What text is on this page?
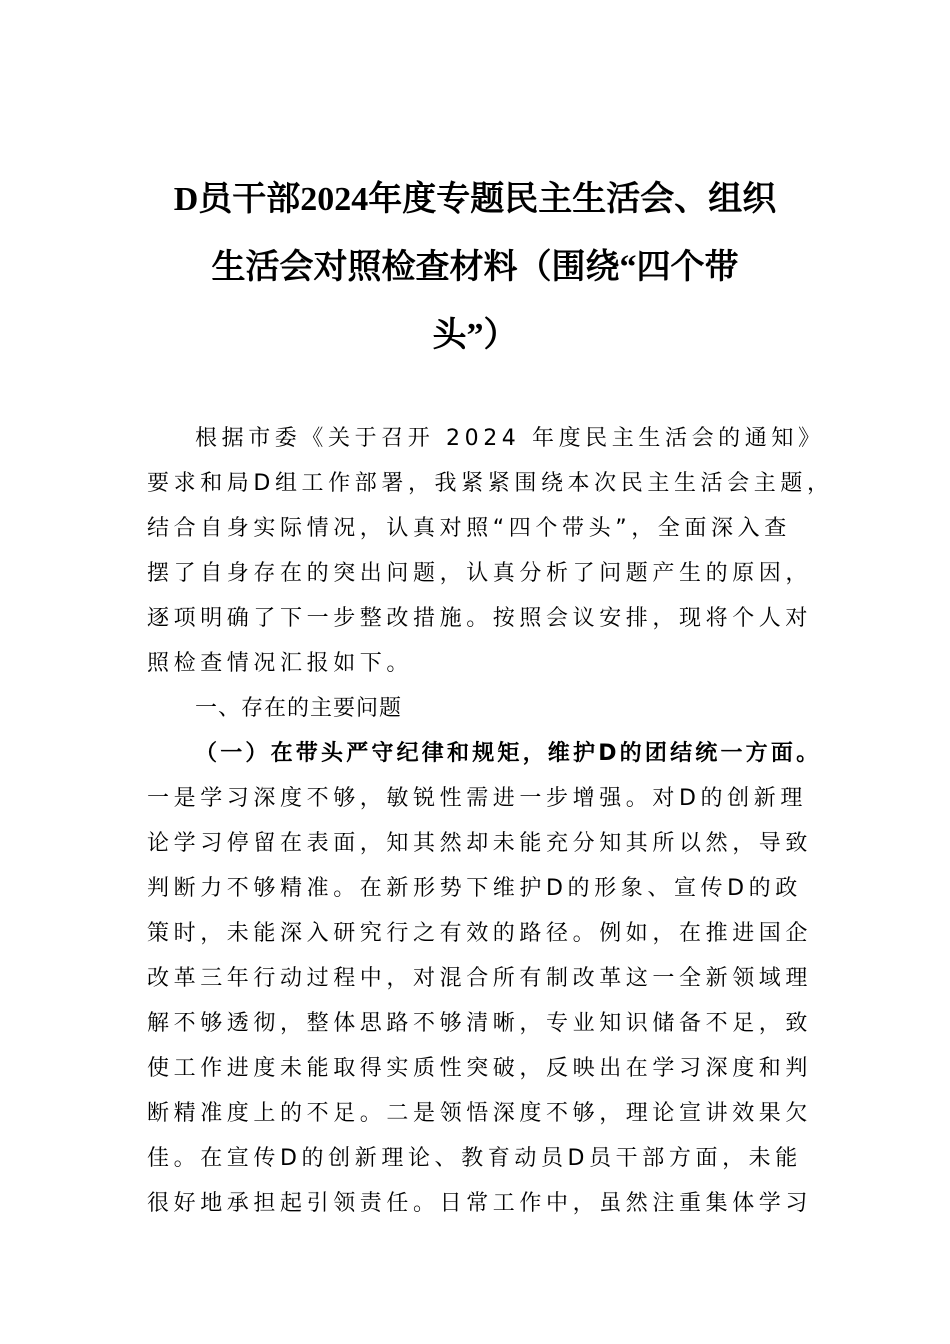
D员干部2024年度专题民主生活会、组织
生活会对照检查材料（围绕“四个带
头”）
根据市委《关于召开 2024 年度民主生活会的通知》
要求和局D组工作部署，我紧紧围绕本次民主生活会主题，
结合自身实际情况，认真对照“四个带头”，全面深入查
摆了自身存在的突出问题，认真分析了问题产生的原因，
逐项明确了下一步整改措施。按照会议安排，现将个人对
照检查情况汇报如下。
一、存在的主要问题
（一）在带头严守纪律和规矩，维护D的团结统一方面。
一是学习深度不够，敏锐性需进一步增强。对D的创新理
论学习停留在表面，知其然却未能充分知其所以然，导致
判断力不够精准。在新形势下维护D的形象、宣传D的政
策时，未能深入研究行之有效的路径。例如，在推进国企
改革三年行动过程中，对混合所有制改革这一全新领域理
解不够透彻，整体思路不够清晰，专业知识储备不足，致
使工作进度未能取得实质性突破，反映出在学习深度和判
断精准度上的不足。二是领悟深度不够，理论宣讲效果欠
佳。在宣传D的创新理论、教育动员D员干部方面，未能
很好地承担起引领责任。日常工作中，虽然注重集体学习
